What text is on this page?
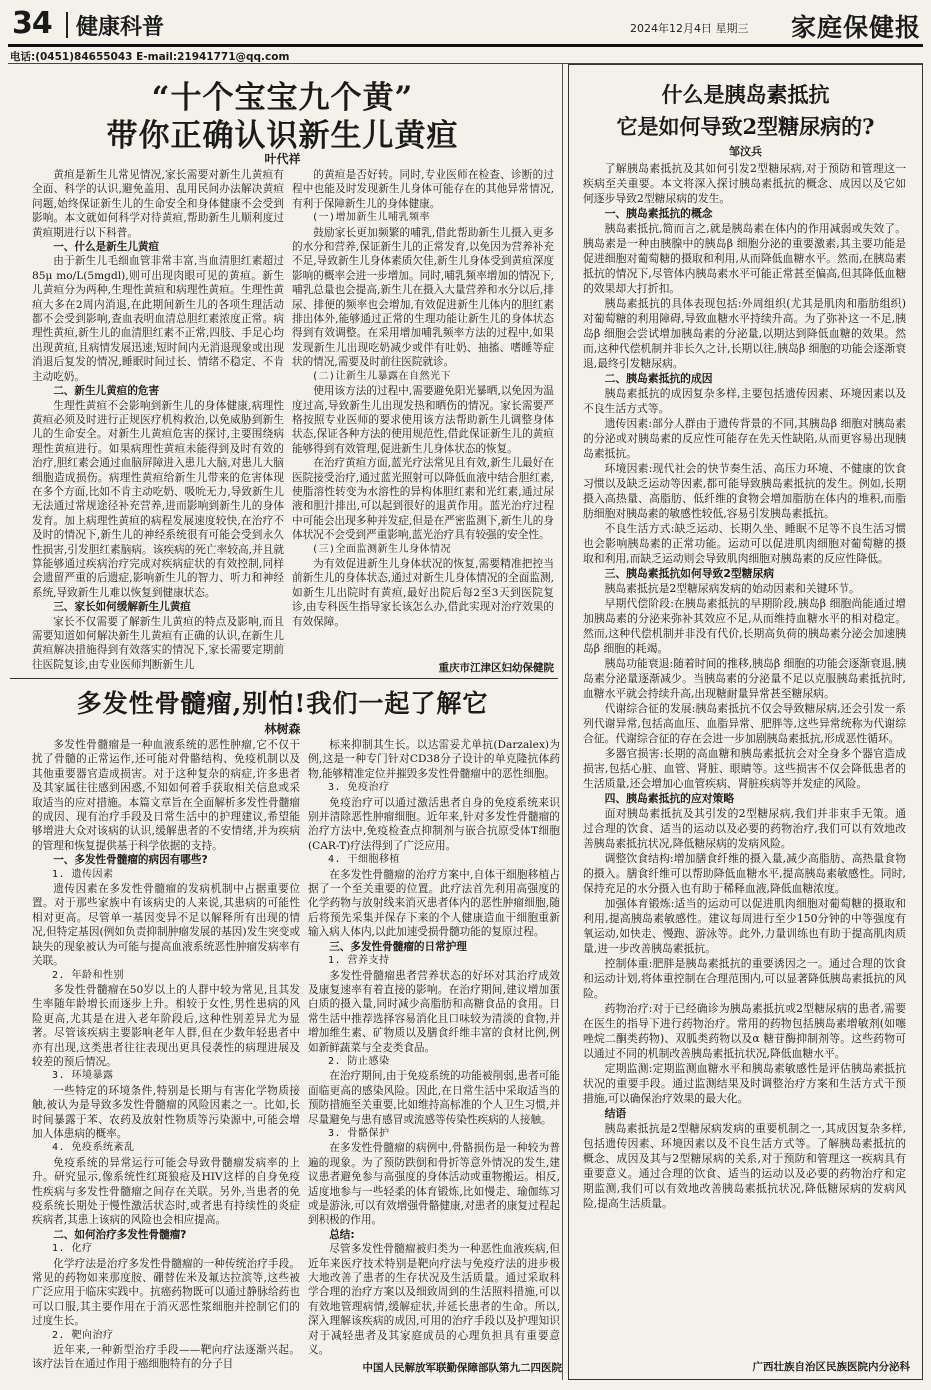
34 健康科普	2024年12月4日 星期三 家庭保健报
电话:(0451)84655043 E-mail:21941771@qq.com
“十个宝宝九个黄”
带你正确认识新生儿黄疸
叶代祥
黄疸是新生儿常见情况,家长需要对新生儿黄疸有全面、科学的认识,避免盖用、乱用民间办法解决黄疸问题,始终保证新生儿的生命安全和身体健康不会受到影响。本文就如何科学对待黄疸,帮助新生儿顺利度过黄疸期进行以下科普。
一、什么是新生儿黄疸
由于新生儿毛细血管非常丰富,当血清胆红素超过85μ mo/L(5mgdl),则可出现肉眼可见的黄疸。新生儿黄疸分为两种,生理性黄疸和病理性黄疸。生理性黄疸大多在2周内消退,在此期间新生儿的各项生理活动都不会受到影响,查血表明血清总胆红素浓度正常。病理性黄疸,新生儿的血清胆红素不正常,四肢、手足心均出现黄疸,且病情发展迅速,短时间内无消退现象或出现消退后复发的情况,睡眠时间过长、情绪不稳定、不肯主动吃奶。
二、新生儿黄疸的危害
生理性黄疸不会影响到新生儿的身体健康,病理性黄疸必须及时进行正规医疗机构救治,以免威胁到新生儿的生命安全。对新生儿黄疸危害的探讨,主要围绕病理性黄疸进行。如果病理性黄疸未能得到及时有效的治疗,胆红素会通过血脑屏障进入患儿大脑,对患儿大脑细胞造成损伤。病理性黄疸给新生儿带来的危害体现在多个方面,比如不肯主动吃奶、吸吮无力,导致新生儿无法通过常规途径补充营养,进而影响到新生儿的身体发育。加上病理性黄疸的病程发展速度较快,在治疗不及时的情况下,新生儿的神经系统很有可能会受到永久性损害,引发胆红素脑病。该疾病的死亡率较高,并且就算能够通过疾病治疗完成对疾病症状的有效控制,同样会遗留严重的后遗症,影响新生儿的智力、听力和神经系统,导致新生儿难以恢复到健康状态。
三、家长如何缓解新生儿黄疸
家长不仅需要了解新生儿黄疸的特点及影响,而且需要知道如何解决新生儿黄疸有正确的认识,在新生儿黄疸解决措施得到有效落实的情况下,家长需要定期前往医院复诊,由专业医师判断新生儿
的黄疸是否好转。同时,专业医师在检查、诊断的过程中也能及时发现新生儿身体可能存在的其他异常情况,有利于保障新生儿的身体健康。
(一)增加新生儿哺乳频率
鼓励家长更加频繁的哺乳,借此帮助新生儿摄入更多的水分和营养,保证新生儿的正常发育,以免因为营养补充不足,导致新生儿身体素质欠佳,新生儿身体受到黄疸深度影响的概率会进一步增加。同时,哺乳频率增加的情况下,哺乳总量也会提高,新生儿在摄入大量营养和水分以后,排尿、排便的频率也会增加,有效促进新生儿体内的胆红素排出体外,能够通过正常的生理功能让新生儿的身体状态得到有效调整。在采用增加哺乳频率方法的过程中,如果发现新生儿出现吃奶减少或伴有吐奶、抽搐、嗜睡等症状的情况,需要及时前往医院就诊。
(二)让新生儿暴露在自然光下
使用该方法的过程中,需要避免阳光暴晒,以免因为温度过高,导致新生儿出现发热和晒伤的情况。家长需要严格按照专业医师的要求使用该方法帮助新生儿调整身体状态,保证各种方法的使用规范性,借此保证新生儿的黄疸能够得到有效管理,促进新生儿身体状态的恢复。
在治疗黄疸方面,蓝光疗法常见且有效,新生儿最好在医院接受治疗,通过蓝光照射可以降低血液中结合胆红素,使脂溶性转变为水溶性的异构体胆红素和光红素,通过尿液和胆汁排出,可以起到很好的退黄作用。蓝光治疗过程中可能会出现多种并发症,但是在严密监测下,新生儿的身体状况不会受到严重影响,蓝光治疗具有较强的安全性。
(三)全面监测新生儿身体情况
为有效促进新生儿身体状况的恢复,需要精准把控当前新生儿的身体状态,通过对新生儿身体情况的全面监测,如新生儿出院时有黄疸,最好出院后每2至3天到医院复诊,由专科医生指导家长该怎么办,借此实现对治疗效果的有效保障。
重庆市江津区妇幼保健院
多发性骨髓瘤,别怕!我们一起了解它
林树森
多发性骨髓瘤是一种血液系统的恶性肿瘤,它不仅干扰了骨髓的正常运作,还可能对骨骼结构、免疫机制以及其他重要器官造成损害。对于这种复杂的病症,许多患者及其家属往往感到困惑,不知如何着手获取相关信息或采取适当的应对措施。本篇文章旨在全面解析多发性骨髓瘤的成因、现有治疗手段及日常生活中的护理建议,希望能够增进大众对该病的认识,缓解患者的不安情绪,并为疾病的管理和恢复提供基于科学依据的支持。
一、多发性骨髓瘤的病因有哪些?
1. 遗传因素
遗传因素在多发性骨髓瘤的发病机制中占据重要位置。对于那些家族中有该病史的人来说,其患病的可能性相对更高。尽管单一基因变异不足以解释所有出现的情况,但特定基因(例如负责抑制肿瘤发展的基因)发生突变或缺失的现象被认为可能与提高血液系统恶性肿瘤发病率有关联。
2. 年龄和性别
多发性骨髓瘤在50岁以上的人群中较为常见,且其发生率随年龄增长而逐步上升。相较于女性,男性患病的风险更高,尤其是在进入老年阶段后,这种性别差异尤为显著。尽管该疾病主要影响老年人群,但在少数年轻患者中亦有出现,这类患者往往表现出更具侵袭性的病理进展及较差的预后情况。
3. 环境暴露
一些特定的环境条件,特别是长期与有害化学物质接触,被认为是导致多发性骨髓瘤的风险因素之一。比如,长时间暴露于苯、农药及放射性物质等污染源中,可能会增加人体患病的概率。
4. 免疫系统紊乱
免疫系统的异常运行可能会导致骨髓瘤发病率的上升。研究显示,像系统性红斑狼疮及HIV这样的自身免疫性疾病与多发性骨髓瘤之间存在关联。另外,当患者的免疫系统长期处于慢性激活状态时,或者患有持续性的炎症疾病者,其患上该病的风险也会相应提高。
二、如何治疗多发性骨髓瘤?
1. 化疗
化学疗法是治疗多发性骨髓瘤的一种传统治疗手段。常见的药物如来那度胺、硼替佐米及氟达拉滨等,这些被广泛应用于临床实践中。抗癌药物既可以通过静脉给药也可以口服,其主要作用在于消灭恶性浆细胞并控制它们的过度生长。
2. 靶向治疗
近年来,一种新型治疗手段——靶向疗法逐渐兴起。该疗法旨在通过作用于癌细胞特有的分子目
标来抑制其生长。以达雷妥尤单抗(Darzalex)为例,这是一种专门针对CD38分子设计的单克隆抗体药物,能够精准定位并摧毁多发性骨髓瘤中的恶性细胞。
3. 免疫治疗
免疫治疗可以通过激活患者自身的免疫系统来识别并清除恶性肿瘤细胞。近年来,针对多发性骨髓瘤的治疗方法中,免疫检查点抑制剂与嵌合抗原受体T细胞(CAR-T)疗法得到了广泛应用。
4. 干细胞移植
在多发性骨髓瘤的治疗方案中,自体干细胞移植占据了一个至关重要的位置。此疗法首先利用高强度的化学药物与放射线来消灭患者体内的恶性肿瘤细胞,随后将预先采集并保存下来的个人健康造血干细胞重新输入病人体内,以此加速受损骨髓功能的复原过程。
三、多发性骨髓瘤的日常护理
1. 营养支持
多发性骨髓瘤患者营养状态的好坏对其治疗成效及康复速率有着直接的影响。在治疗期间,建议增加蛋白质的摄入量,同时减少高脂肪和高糖食品的食用。日常生活中推荐选择容易消化且口味较为清淡的食物,并增加维生素、矿物质以及膳食纤维丰富的食材比例,例如新鲜蔬菜与全麦类食品。
2. 防止感染
在治疗期间,由于免疫系统的功能被削弱,患者可能面临更高的感染风险。因此,在日常生活中采取适当的预防措施至关重要,比如维持高标准的个人卫生习惯,并尽量避免与患有感冒或流感等传染性疾病的人接触。
3. 骨骼保护
在多发性骨髓瘤的病例中,骨骼损伤是一种较为普遍的现象。为了预防跌倒和骨折等意外情况的发生,建议患者避免参与高强度的身体活动或重物搬运。相反,适度地参与一些轻柔的体育锻炼,比如慢走、瑜伽练习或是游泳,可以有效增强骨骼健康,对患者的康复过程起到积极的作用。
总结:
尽管多发性骨髓瘤被归类为一种恶性血液疾病,但近年来医疗技术特别是靶向疗法与免疫疗法的进步极大地改善了患者的生存状况及生活质量。通过采取科学合理的治疗方案以及细致周到的生活照料措施,可以有效地管理病情,缓解症状,并延长患者的生命。所以,深入理解该疾病的成因,可用的治疗手段以及护理知识对于减轻患者及其家庭成员的心理负担具有重要意义。
中国人民解放军联勤保障部队第九二四医院
什么是胰岛素抵抗
它是如何导致2型糖尿病的?
邹汶兵
了解胰岛素抵抗及其如何引发2型糖尿病,对于预防和管理这一疾病至关重要。本文将深入探讨胰岛素抵抗的概念、成因以及它如何逐步导致2型糖尿病的发生。
一、胰岛素抵抗的概念
胰岛素抵抗,简而言之,就是胰岛素在体内的作用减弱或失效了。 胰岛素是一种由胰腺中的胰岛β 细胞分泌的重要激素,其主要功能是促进细胞对葡萄糖的摄取和利用,从而降低血糖水平。然而,在胰岛素抵抗的情况下,尽管体内胰岛素水平可能正常甚至偏高,但其降低血糖的效果却大打折扣。
胰岛素抵抗的具体表现包括:外周组织(尤其是肌肉和脂肪组织)对葡萄糖的利用障碍,导致血糖水平持续升高。为了弥补这一不足,胰岛β 细胞会尝试增加胰岛素的分泌量,以期达到降低血糖的效果。然而,这种代偿机制并非长久之计,长期以往,胰岛β 细胞的功能会逐渐衰退,最终引发糖尿病。
二、胰岛素抵抗的成因
胰岛素抵抗的成因复杂多样,主要包括遗传因素、环境因素以及不良生活方式等。
遗传因素:部分人群由于遗传背景的不同,其胰岛β 细胞对胰岛素的分泌或对胰岛素的反应性可能存在先天性缺陷,从而更容易出现胰岛素抵抗。
环境因素:现代社会的快节奏生活、高压力环境、不健康的饮食习惯以及缺乏运动等因素,都可能导致胰岛素抵抗的发生。例如,长期摄入高热量、高脂肪、低纤维的食物会增加脂肪在体内的堆积,而脂肪细胞对胰岛素的敏感性较低,容易引发胰岛素抵抗。
不良生活方式:缺乏运动、长期久坐、睡眠不足等不良生活习惯也会影响胰岛素的正常功能。运动可以促进肌肉细胞对葡萄糖的摄取和利用,而缺乏运动则会导致肌肉细胞对胰岛素的反应性降低。
三、胰岛素抵抗如何导致2型糖尿病
胰岛素抵抗是2型糖尿病发病的始动因素和关键环节。
早期代偿阶段:在胰岛素抵抗的早期阶段,胰岛β 细胞尚能通过增加胰岛素的分泌来弥补其效应不足,从而维持血糖水平的相对稳定。然而,这种代偿机制并非没有代价,长期高负荷的胰岛素分泌会加速胰岛β 细胞的耗竭。
胰岛功能衰退:随着时间的推移,胰岛β 细胞的功能会逐渐衰退,胰岛素分泌量逐渐减少。当胰岛素的分泌量不足以克服胰岛素抵抗时,血糖水平就会持续升高,出现糖耐量异常甚至糖尿病。
代谢综合征的发展:胰岛素抵抗不仅会导致糖尿病,还会引发一系列代谢异常,包括高血压、血脂异常、肥胖等,这些异常统称为代谢综合征。代谢综合征的存在会进一步加剧胰岛素抵抗,形成恶性循环。
多器官损害:长期的高血糖和胰岛素抵抗会对全身多个器官造成损害,包括心脏、血管、肾脏、眼睛等。这些损害不仅会降低患者的生活质量,还会增加心血管疾病、肾脏疾病等并发症的风险。
四、胰岛素抵抗的应对策略
面对胰岛素抵抗及其引发的2型糖尿病,我们并非束手无策。通过合理的饮食、适当的运动以及必要的药物治疗,我们可以有效地改善胰岛素抵抗状况,降低糖尿病的发病风险。
调整饮食结构:增加膳食纤维的摄入量,减少高脂肪、高热量食物的摄入。膳食纤维可以帮助降低血糖水平,提高胰岛素敏感性。同时,保持充足的水分摄入也有助于稀释血液,降低血糖浓度。
加强体育锻炼:适当的运动可以促进肌肉细胞对葡萄糖的摄取和利用,提高胰岛素敏感性。建议每周进行至少150分钟的中等强度有氧运动,如快走、慢跑、游泳等。此外,力量训练也有助于提高肌肉质量,进一步改善胰岛素抵抗。
控制体重:肥胖是胰岛素抵抗的重要诱因之一。通过合理的饮食和运动计划,将体重控制在合理范围内,可以显著降低胰岛素抵抗的风险。
药物治疗:对于已经确诊为胰岛素抵抗或2型糖尿病的患者,需要在医生的指导下进行药物治疗。常用的药物包括胰岛素增敏剂(如噻唑烷二酮类药物)、双胍类药物以及α 糖苷酶抑制剂等。这些药物可以通过不同的机制改善胰岛素抵抗状况,降低血糖水平。
定期监测:定期监测血糖水平和胰岛素敏感性是评估胰岛素抵抗状况的重要手段。通过监测结果及时调整治疗方案和生活方式干预措施,可以确保治疗效果的最大化。
结语
胰岛素抵抗是2型糖尿病发病的重要机制之一,其成因复杂多样,包括遗传因素、环境因素以及不良生活方式等。了解胰岛素抵抗的概念、成因及其与2型糖尿病的关系,对于预防和管理这一疾病具有重要意义。通过合理的饮食、适当的运动以及必要的药物治疗和定期监测,我们可以有效地改善胰岛素抵抗状况,降低糖尿病的发病风险,提高生活质量。
广西壮族自治区民族医院内分泌科
